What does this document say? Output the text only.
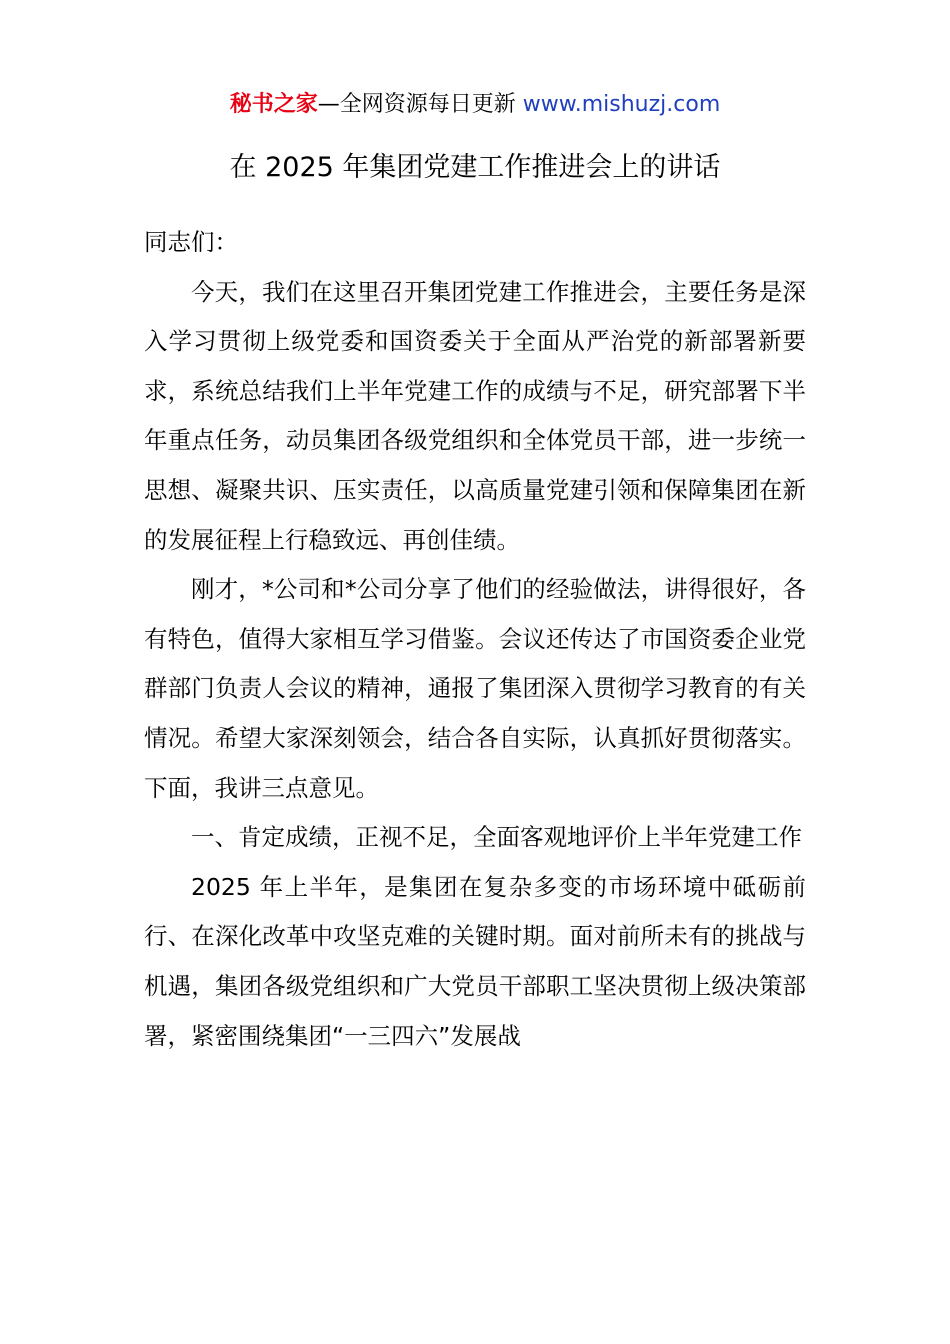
秘书之家—全网资源每日更新 www.mishuzj.com
在 2025 年集团党建工作推进会上的讲话

同志们：

今天，我们在这里召开集团党建工作推进会，主要任务是深入学习贯彻上级党委和国资委关于全面从严治党的新部署新要求，系统总结我们上半年党建工作的成绩与不足，研究部署下半年重点任务，动员集团各级党组织和全体党员干部，进一步统一思想、凝聚共识、压实责任，以高质量党建引领和保障集团在新的发展征程上行稳致远、再创佳绩。

刚才，*公司和*公司分享了他们的经验做法，讲得很好，各有特色，值得大家相互学习借鉴。会议还传达了市国资委企业党群部门负责人会议的精神，通报了集团深入贯彻学习教育的有关情况。希望大家深刻领会，结合各自实际，认真抓好贯彻落实。下面，我讲三点意见。

一、肯定成绩，正视不足，全面客观地评价上半年党建工作

2025 年上半年，是集团在复杂多变的市场环境中砥砺前行、在深化改革中攻坚克难的关键时期。面对前所未有的挑战与机遇，集团各级党组织和广大党员干部职工坚决贯彻上级决策部署，紧密围绕集团“一三四六”发展战
